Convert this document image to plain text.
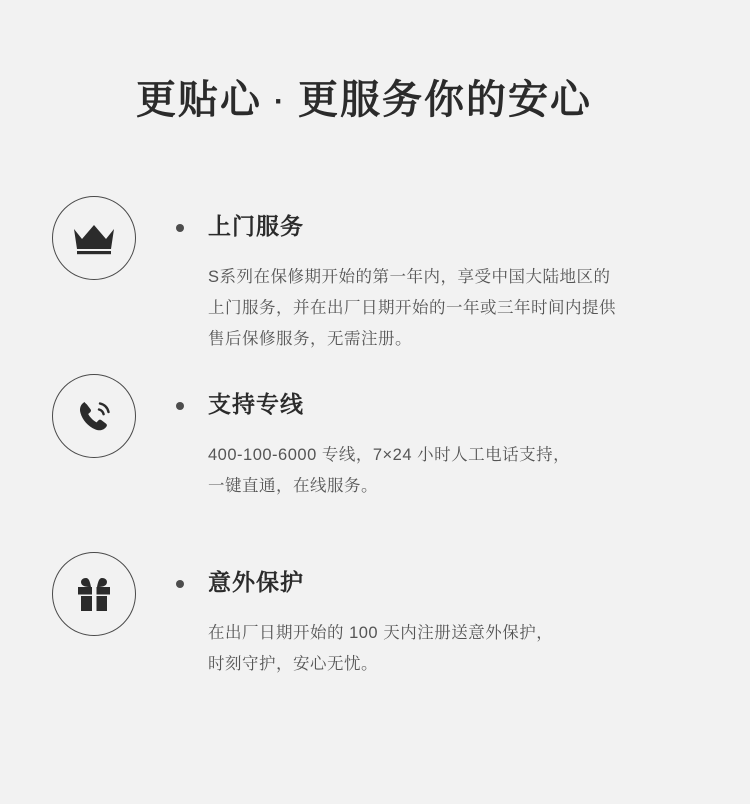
更贴心 · 更服务你的安心
上门服务
S系列在保修期开始的第一年内，享受中国大陆地区的
上门服务，并在出厂日期开始的一年或三年时间内提供
售后保修服务，无需注册。
支持专线
400-100-6000 专线，7×24 小时人工电话支持，
一键直通，在线服务。
意外保护
在出厂日期开始的 100 天内注册送意外保护，
时刻守护，安心无忧。
